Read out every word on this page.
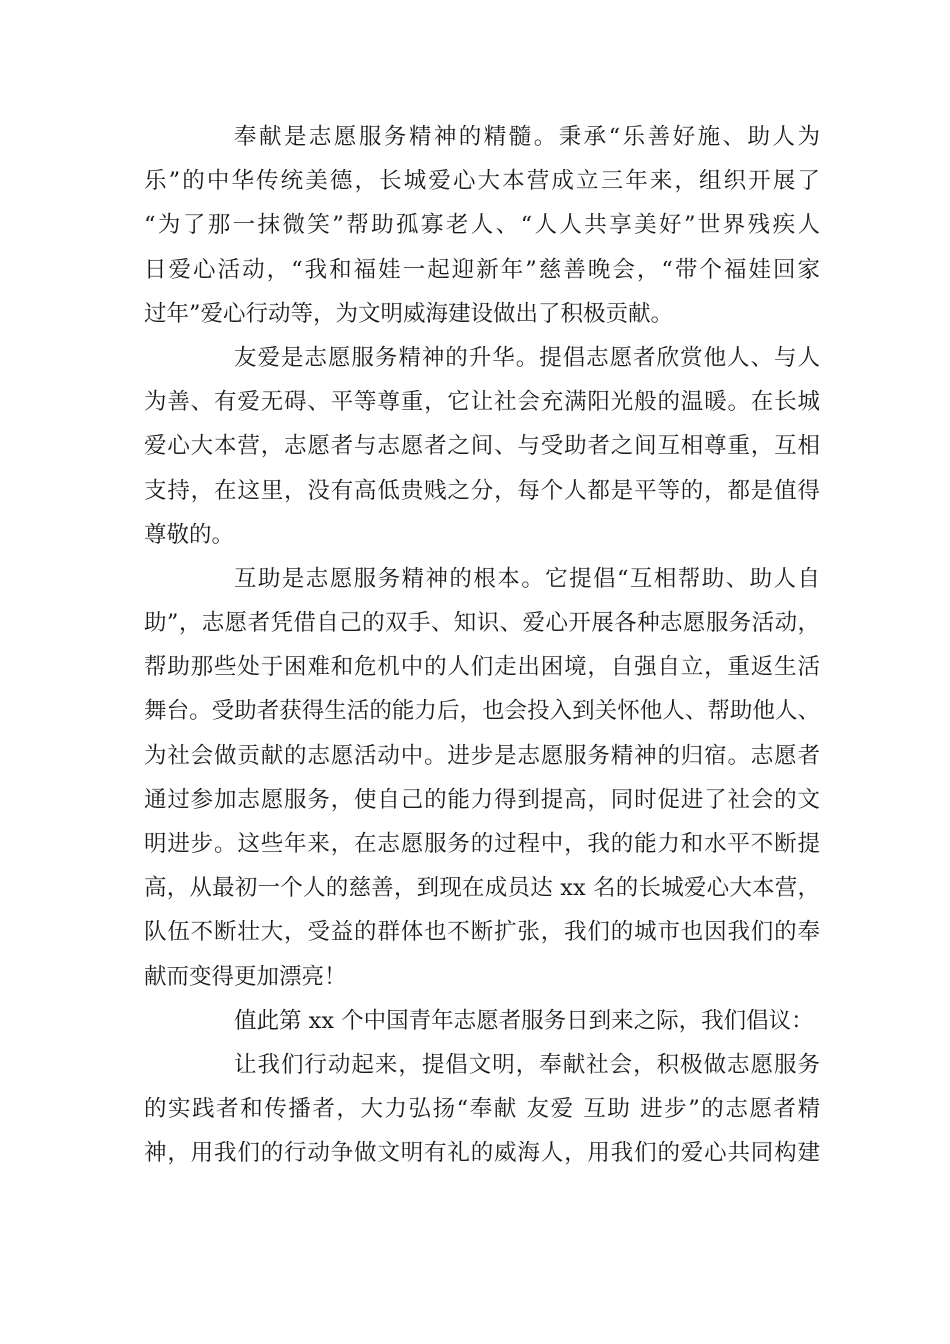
奉献是志愿服务精神的精髓。秉承“乐善好施、助人为
乐”的中华传统美德，长城爱心大本营成立三年来，组织开展了
“为了那一抹微笑”帮助孤寡老人、“人人共享美好”世界残疾人
日爱心活动，“我和福娃一起迎新年”慈善晚会，“带个福娃回家
过年”爱心行动等，为文明威海建设做出了积极贡献。
友爱是志愿服务精神的升华。提倡志愿者欣赏他人、与人
为善、有爱无碍、平等尊重，它让社会充满阳光般的温暖。在长城
爱心大本营，志愿者与志愿者之间、与受助者之间互相尊重，互相
支持，在这里，没有高低贵贱之分，每个人都是平等的，都是值得
尊敬的。
互助是志愿服务精神的根本。它提倡“互相帮助、助人自
助”，志愿者凭借自己的双手、知识、爱心开展各种志愿服务活动，
帮助那些处于困难和危机中的人们走出困境，自强自立，重返生活
舞台。受助者获得生活的能力后，也会投入到关怀他人、帮助他人、
为社会做贡献的志愿活动中。进步是志愿服务精神的归宿。志愿者
通过参加志愿服务，使自己的能力得到提高，同时促进了社会的文
明进步。这些年来，在志愿服务的过程中，我的能力和水平不断提
高，从最初一个人的慈善，到现在成员达 xx 名的长城爱心大本营，
队伍不断壮大，受益的群体也不断扩张，我们的城市也因我们的奉
献而变得更加漂亮！
值此第 xx 个中国青年志愿者服务日到来之际，我们倡议：
让我们行动起来，提倡文明，奉献社会，积极做志愿服务
的实践者和传播者，大力弘扬“奉献 友爱 互助 进步”的志愿者精
神，用我们的行动争做文明有礼的威海人，用我们的爱心共同构建
